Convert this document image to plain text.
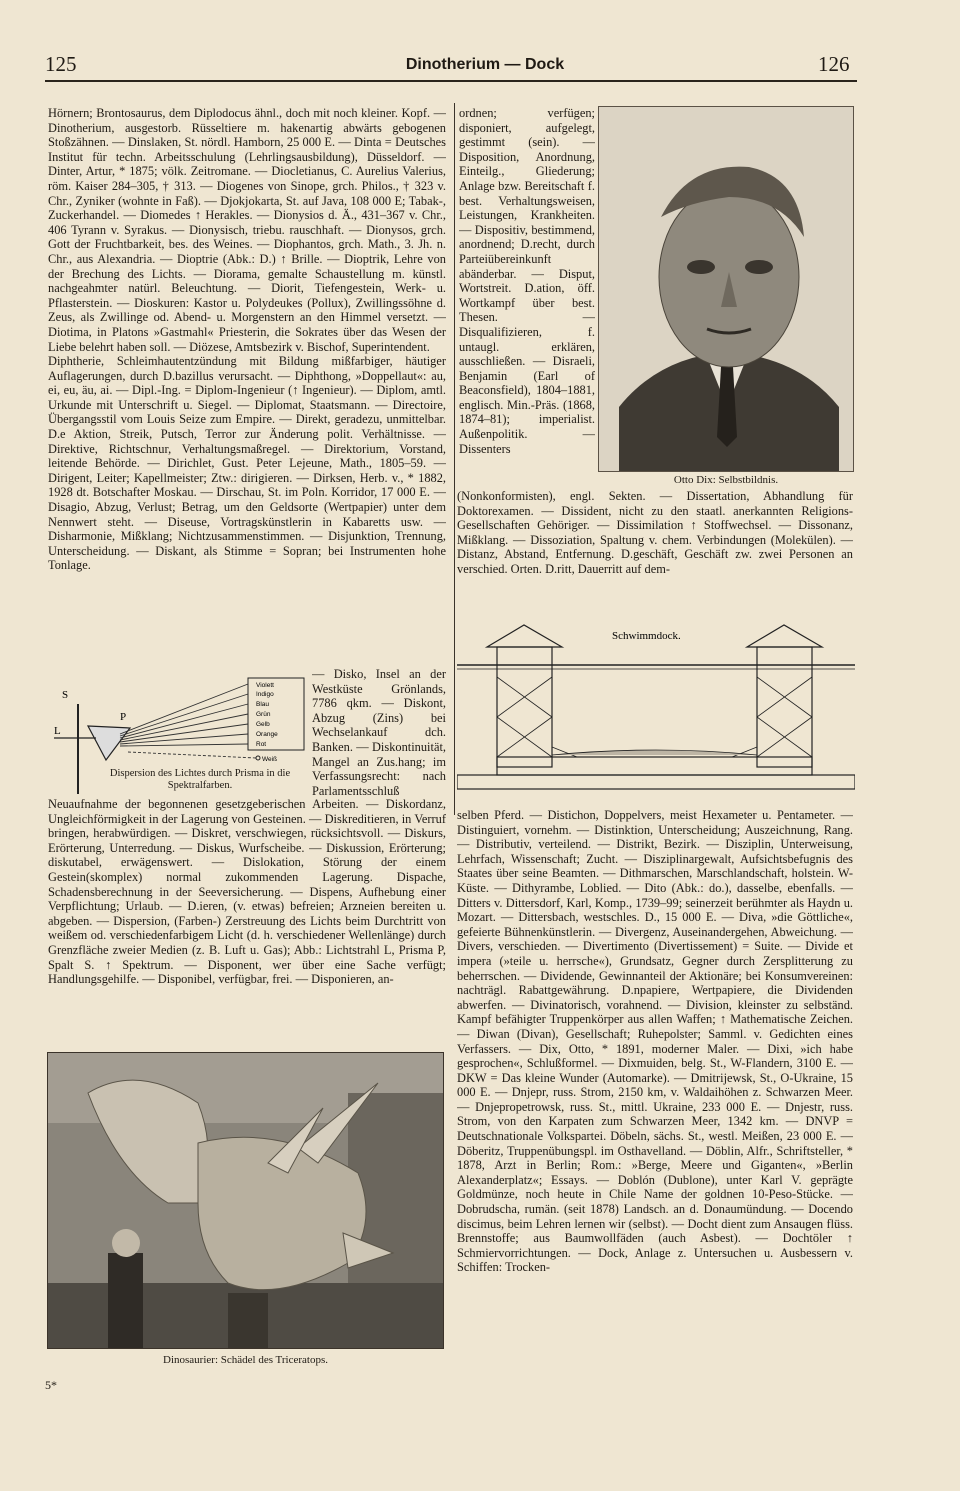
125	Dinotherium — Dock	126

Hörnern; Brontosaurus, dem Diplodocus ähnl., doch mit noch kleiner. Kopf. — Dinotherium, ausgestorb. Rüsseltiere m. hakenartig abwärts gebogenen Stoßzähnen. — Dinslaken, St. nördl. Hamborn, 25 000 E. — Dinta = Deutsches Institut für techn. Arbeitsschulung (Lehrlingsausbildung), Düsseldorf. — Dinter, Artur, * 1875; völk. Zeitromane. — Diocletianus, C. Aurelius Valerius, röm. Kaiser 284–305, † 313. — Diogenes von Sinope, grch. Philos., † 323 v. Chr., Zyniker (wohnte in Faß). — Djokjokarta, St. auf Java, 108 000 E; Tabak-, Zuckerhandel. — Diomedes ↑ Herakles. — Dionysios d. Ä., 431–367 v. Chr., 406 Tyrann v. Syrakus. — Dionysisch, triebu. rauschhaft. — Dionysos, grch. Gott der Fruchtbarkeit, bes. des Weines. — Diophantos, grch. Math., 3. Jh. n. Chr., aus Alexandria. — Dioptrie (Abk.: D.) ↑ Brille. — Dioptrik, Lehre von der Brechung des Lichts. — Diorama, gemalte Schaustellung m. künstl. nachgeahmter natürl. Beleuchtung. — Diorit, Tiefengestein, Werk- u. Pflasterstein. — Dioskuren: Kastor u. Polydeukes (Pollux), Zwillingssöhne d. Zeus, als Zwillinge od. Abend- u. Morgenstern an den Himmel versetzt. — Diotima, in Platons »Gastmahl« Priesterin, die Sokrates über das Wesen der Liebe belehrt haben soll. — Diözese, Amtsbezirk v. Bischof, Superintendent.

Diphtherie, Schleimhautentzündung mit Bildung mißfarbiger, häutiger Auflagerungen, durch D.bazillus verursacht. — Diphthong, »Doppellaut«: au, ei, eu, äu, ai. — Dipl.-Ing. = Diplom-Ingenieur (↑ Ingenieur). — Diplom, amtl. Urkunde mit Unterschrift u. Siegel. — Diplomat, Staatsmann. — Directoire, Übergangsstil vom Louis Seize zum Empire. — Direkt, geradezu, unmittelbar. D.e Aktion, Streik, Putsch, Terror zur Änderung polit. Verhältnisse. — Direktive, Richtschnur, Verhaltungsmaßregel. — Direktorium, Vorstand, leitende Behörde. — Dirichlet, Gust. Peter Lejeune, Math., 1805–59. — Dirigent, Leiter; Kapellmeister; Ztw.: dirigieren. — Dirksen, Herb. v., * 1882, 1928 dt. Botschafter Moskau. — Dirschau, St. im Poln. Korridor, 17 000 E. — Disagio, Abzug, Verlust; Betrag, um den Geldsorte (Wertpapier) unter dem Nennwert steht. — Diseuse, Vortragskünstlerin in Kabaretts usw. — Disharmonie, Mißklang; Nichtzusammenstimmen. — Disjunktion, Trennung, Unterscheidung. — Diskant, als Stimme = Sopran; bei Instrumenten hohe Tonlage.

S
P
L
Violett
Indigo
Blau
Grün
Gelb
Orange
Rot
Weiß
Dispersion des Lichtes durch Prisma in die Spektralfarben.
— Disko, Insel an der Westküste Grönlands, 7786 qkm. — Diskont, Abzug (Zins) bei Wechselankauf dch. Banken. — Diskontinuität, Mangel an Zus.hang; im Verfassungsrecht: nach Parlamentsschluß
Neuaufnahme der begonnenen gesetzgeberischen Arbeiten. — Diskordanz, Ungleichförmigkeit in der Lagerung von Gesteinen. — Diskreditieren, in Verruf bringen, herabwürdigen. — Diskret, verschwiegen, rücksichtsvoll. — Diskurs, Erörterung, Unterredung. — Diskus, Wurfscheibe. — Diskussion, Erörterung; diskutabel, erwägenswert. — Dislokation, Störung der einem Gestein(skomplex) normal zukommenden Lagerung. Dispache, Schadensberechnung in der Seeversicherung. — Dispens, Aufhebung einer Verpflichtung; Urlaub. — D.ieren, (v. etwas) befreien; Arzneien bereiten u. abgeben. — Dispersion, (Farben-) Zerstreuung des Lichts beim Durchtritt von weißem od. verschiedenfarbigem Licht (d. h. verschiedener Wellenlänge) durch Grenzfläche zweier Medien (z. B. Luft u. Gas); Abb.: Lichtstrahl L, Prisma P, Spalt S. ↑ Spektrum. — Disponent, wer über eine Sache verfügt; Handlungsgehilfe. — Disponibel, verfügbar, frei. — Disponieren, an-
Dinosaurier: Schädel des Triceratops.
ordnen; verfügen; disponiert, aufgelegt, gestimmt (sein). — Disposition, Anordnung, Einteilg., Gliederung; Anlage bzw. Bereitschaft f. best. Verhaltungsweisen, Leistungen, Krankheiten. — Dispositiv, bestimmend, anordnend; D.recht, durch Parteiübereinkunft abänderbar. — Disput, Wortstreit. D.ation, öff. Wortkampf über best. Thesen. — Disqualifizieren, f. untaugl. erklären, ausschließen. — Disraeli, Benjamin (Earl of Beaconsfield), 1804–1881, englisch. Min.-Präs. (1868, 1874–81); imperialist. Außenpolitik. — Dissenters
Otto Dix: Selbstbildnis.
(Nonkonformisten), engl. Sekten. — Dissertation, Abhandlung für Doktorexamen. — Dissident, nicht zu den staatl. anerkannten Religions-Gesellschaften Gehöriger. — Dissimilation ↑ Stoffwechsel. — Dissonanz, Mißklang. — Dissoziation, Spaltung v. chem. Verbindungen (Molekülen). — Distanz, Abstand, Entfernung. D.geschäft, Geschäft zw. zwei Personen an verschied. Orten. D.ritt, Dauerritt auf dem-
Schwimmdock.
selben Pferd. — Distichon, Doppelvers, meist Hexameter u. Pentameter. — Distinguiert, vornehm. — Distinktion, Unterscheidung; Auszeichnung, Rang. — Distributiv, verteilend. — Distrikt, Bezirk. — Disziplin, Unterweisung, Lehrfach, Wissenschaft; Zucht. — Disziplinargewalt, Aufsichtsbefugnis des Staates über seine Beamten. — Dithmarschen, Marschlandschaft, holstein. W-Küste. — Dithyrambe, Loblied. — Dito (Abk.: do.), dasselbe, ebenfalls. — Ditters v. Dittersdorf, Karl, Komp., 1739–99; seinerzeit berühmter als Haydn u. Mozart. — Dittersbach, westschles. D., 15 000 E. — Diva, »die Göttliche«, gefeierte Bühnenkünstlerin. — Divergenz, Auseinandergehen, Abweichung. — Divers, verschieden. — Divertimento (Divertissement) = Suite. — Divide et impera (»teile u. herrsche«), Grundsatz, Gegner durch Zersplitterung zu beherrschen. — Dividende, Gewinnanteil der Aktionäre; bei Konsumvereinen: nachträgl. Rabattgewährung. D.npapiere, Wertpapiere, die Dividenden abwerfen. — Divinatorisch, vorahnend. — Division, kleinster zu selbständ. Kampf befähigter Truppenkörper aus allen Waffen; ↑ Mathematische Zeichen. — Diwan (Divan), Gesellschaft; Ruhepolster; Samml. v. Gedichten eines Verfassers. — Dix, Otto, * 1891, moderner Maler. — Dixi, »ich habe gesprochen«, Schlußformel. — Dixmuiden, belg. St., W-Flandern, 3100 E. — DKW = Das kleine Wunder (Automarke). — Dmitrijewsk, St., O-Ukraine, 15 000 E. — Dnjepr, russ. Strom, 2150 km, v. Waldaihöhen z. Schwarzen Meer. — Dnjepropetrowsk, russ. St., mittl. Ukraine, 233 000 E. — Dnjestr, russ. Strom, von den Karpaten zum Schwarzen Meer, 1342 km. — DNVP = Deutschnationale Volkspartei. Döbeln, sächs. St., westl. Meißen, 23 000 E. — Döberitz, Truppenübungspl. im Osthavelland. — Döblin, Alfr., Schriftsteller, * 1878, Arzt in Berlin; Rom.: »Berge, Meere und Giganten«, »Berlin Alexanderplatz«; Essays. — Doblón (Dublone), unter Karl V. geprägte Goldmünze, noch heute in Chile Name der goldnen 10-Peso-Stücke. — Dobrudscha, rumän. (seit 1878) Landsch. an d. Donaumündung. — Docendo discimus, beim Lehren lernen wir (selbst). — Docht dient zum Ansaugen flüss. Brennstoffe; aus Baumwollfäden (auch Asbest). — Dochtöler ↑ Schmiervorrichtungen. — Dock, Anlage z. Untersuchen u. Ausbessern v. Schiffen: Trocken-
5*
